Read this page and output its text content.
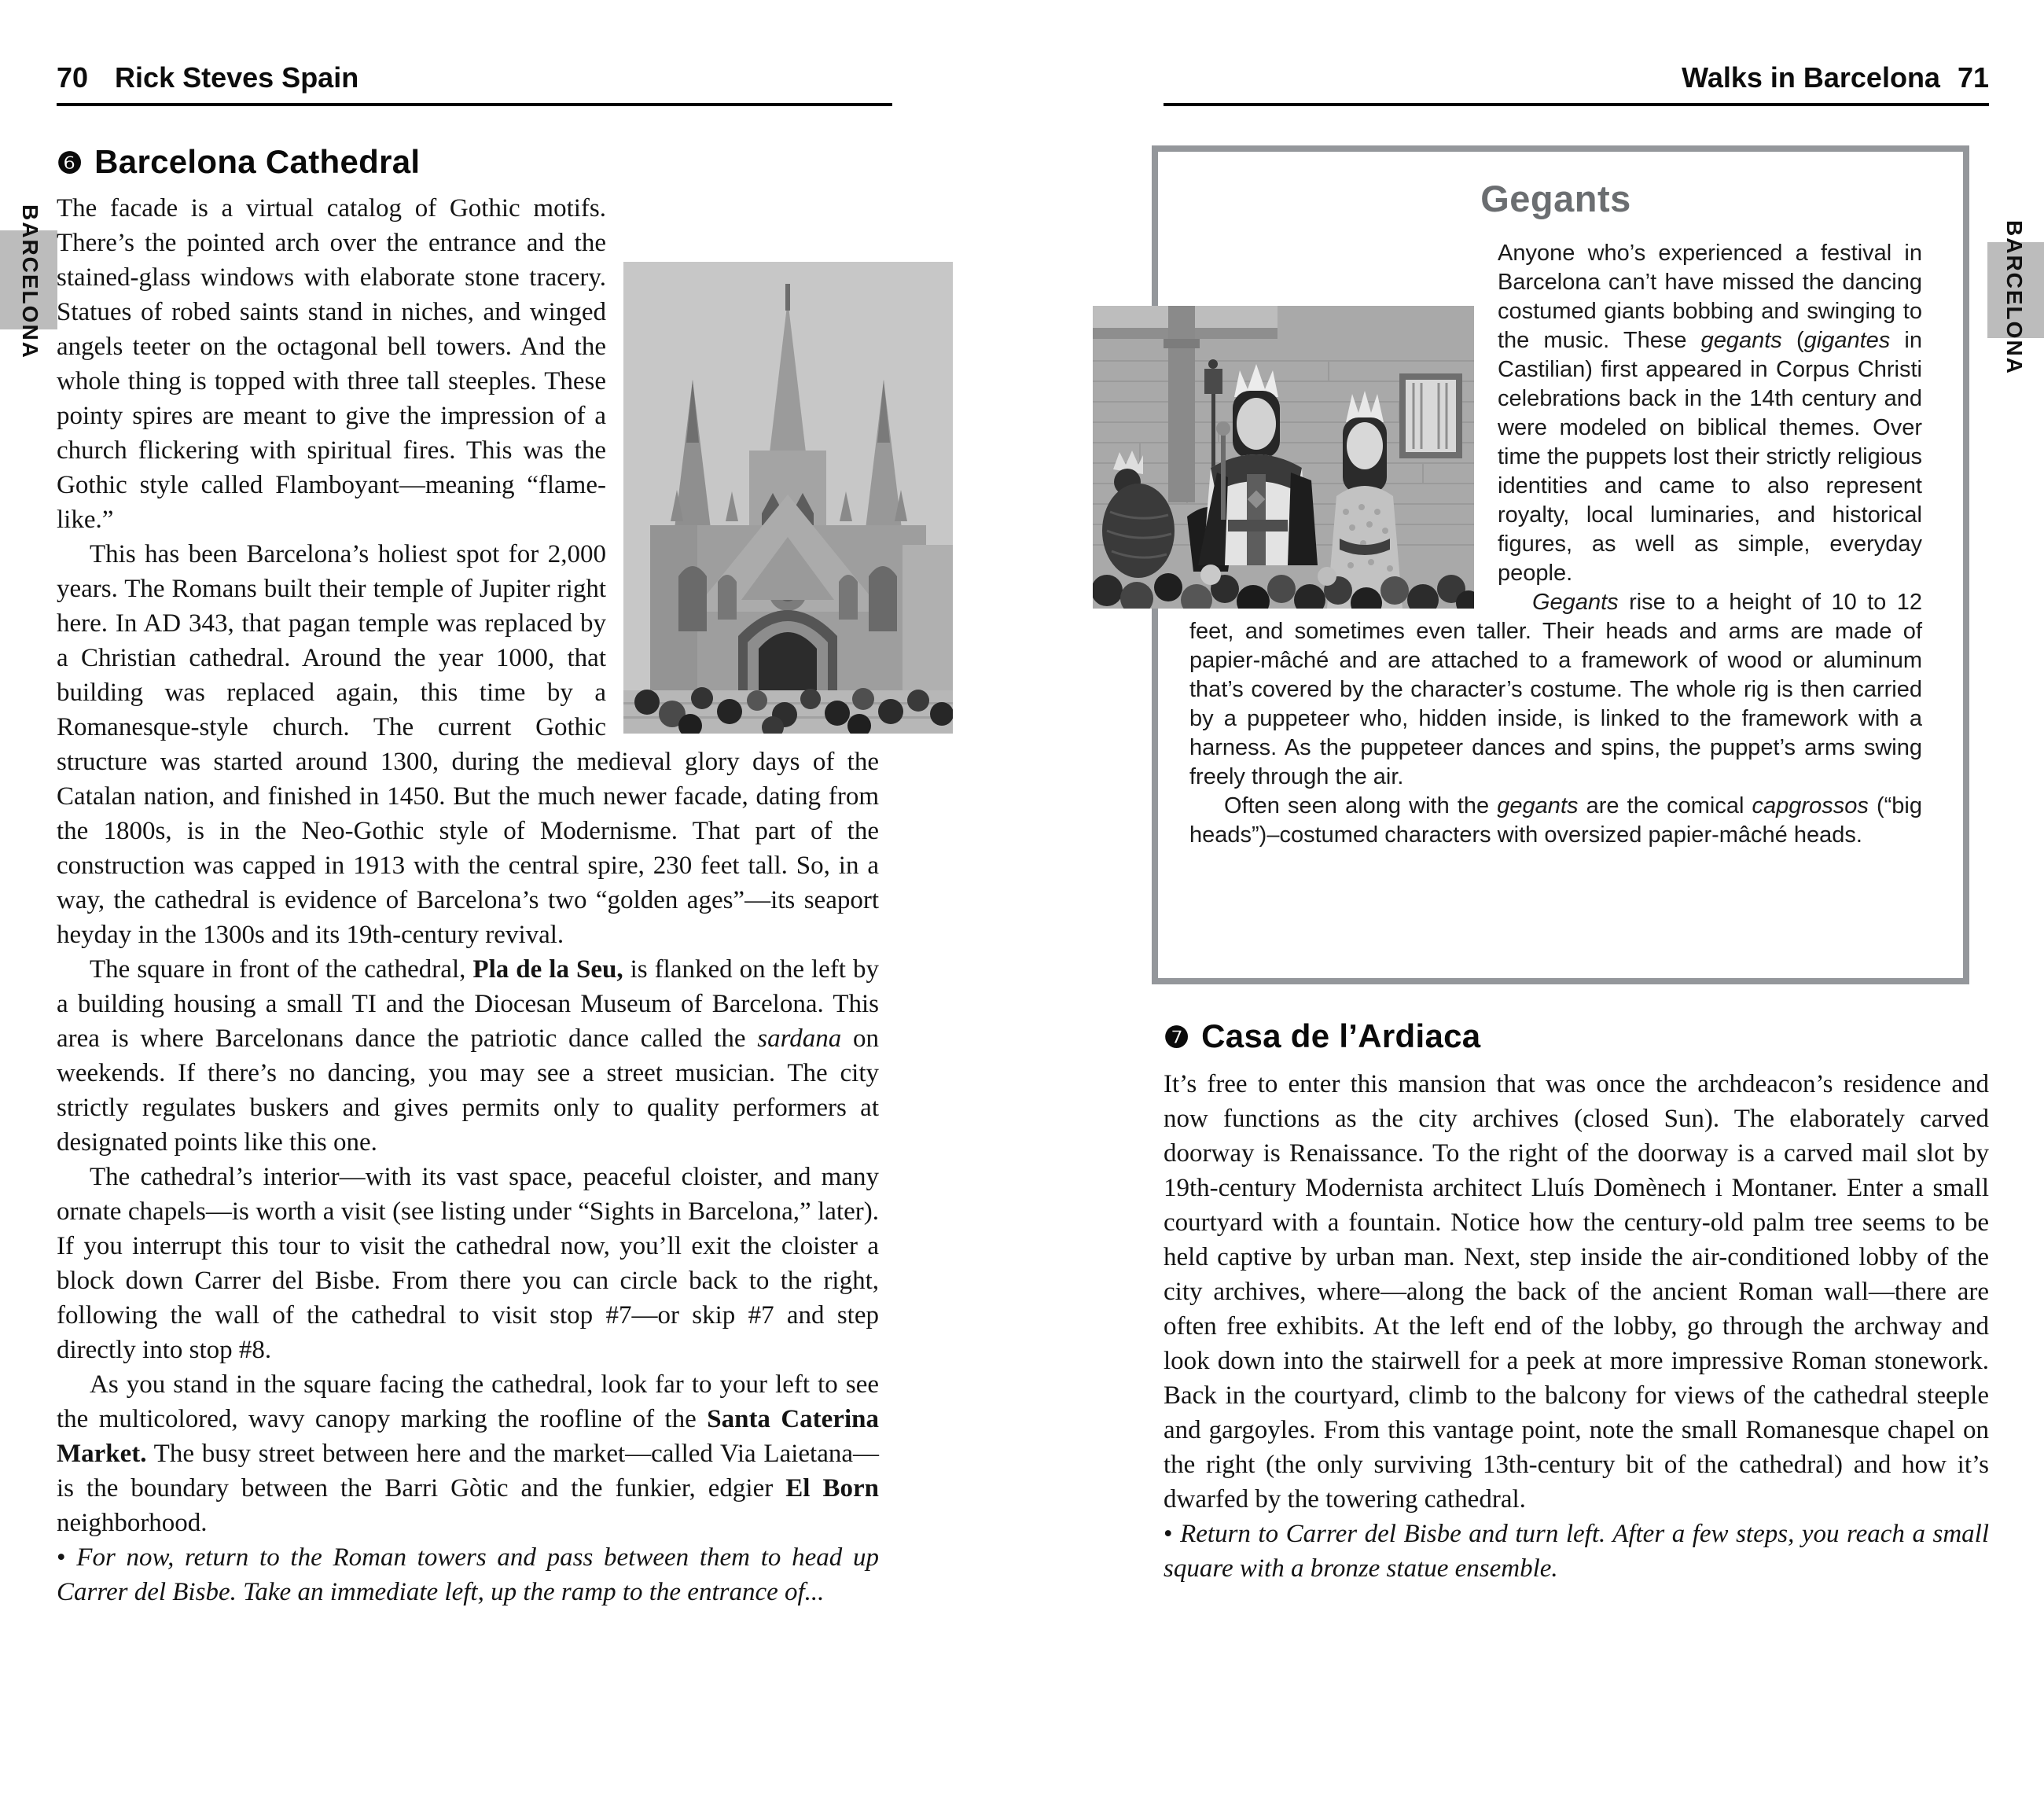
70 Rick Steves Spain
BARCELONA
❻ Barcelona Cathedral

The facade is a virtual catalog of Gothic motifs. There’s the pointed arch over the entrance and the stained-glass windows with elaborate stone tracery. Statues of robed saints stand in niches, and winged angels teeter on the octagonal bell towers. And the whole thing is topped with three tall steeples. These pointy spires are meant to give the impression of a church flickering with spiritual fires. This was the Gothic style called Flamboyant—meaning “flame-like.”

This has been Barcelona’s holiest spot for 2,000 years. The Romans built their temple of Jupiter right here. In AD 343, that pagan temple was replaced by a Christian cathedral. Around the year 1000, that building was replaced again, this time by a Romanesque-style church. The current Gothic structure was started around 1300, during the medieval glory days of the Catalan nation, and finished in 1450. But the much newer facade, dating from the 1800s, is in the Neo-Gothic style of Modernisme. That part of the construction was capped in 1913 with the central spire, 230 feet tall. So, in a way, the cathedral is evidence of Barcelona’s two “golden ages”—its seaport heyday in the 1300s and its 19th-century revival.

The square in front of the cathedral, Pla de la Seu, is flanked on the left by a building housing a small TI and the Diocesan Museum of Barcelona. This area is where Barcelonans dance the patriotic dance called the sardana on weekends. If there’s no dancing, you may see a street musician. The city strictly regulates buskers and gives permits only to quality performers at designated points like this one.

The cathedral’s interior—with its vast space, peaceful cloister, and many ornate chapels—is worth a visit (see listing under “Sights in Barcelona,” later). If you interrupt this tour to visit the cathedral now, you’ll exit the cloister a block down Carrer del Bisbe. From there you can circle back to the right, following the wall of the cathedral to visit stop #7—or skip #7 and step directly into stop #8.

As you stand in the square facing the cathedral, look far to your left to see the multicolored, wavy canopy marking the roofline of the Santa Caterina Market. The busy street between here and the market—called Via Laietana—is the boundary between the Barri Gòtic and the funkier, edgier El Born neighborhood.

• For now, return to the Roman towers and pass between them to head up Carrer del Bisbe. Take an immediate left, up the ramp to the entrance of...

Walks in Barcelona 71
BARCELONA
Gegants

Anyone who’s experienced a festival in Barcelona can’t have missed the dancing costumed giants bobbing and swinging to the music. These gegants (gigantes in Castilian) first appeared in Corpus Christi celebrations back in the 14th century and were modeled on biblical themes. Over time the puppets lost their strictly religious identities and came to also represent royalty, local luminaries, and historical figures, as well as simple, everyday people.

Gegants rise to a height of 10 to 12 feet, and sometimes even taller. Their heads and arms are made of papier-mâché and are attached to a framework of wood or aluminum that’s covered by the character’s costume. The whole rig is then carried by a puppeteer who, hidden inside, is linked to the framework with a harness. As the puppeteer dances and spins, the puppet’s arms swing freely through the air.

Often seen along with the gegants are the comical capgrossos (“big heads”)–costumed characters with oversized papier-mâché heads.

❼ Casa de l’Ardiaca

It’s free to enter this mansion that was once the archdeacon’s residence and now functions as the city archives (closed Sun). The elaborately carved doorway is Renaissance. To the right of the doorway is a carved mail slot by 19th-century Modernista architect Lluís Domènech i Montaner. Enter a small courtyard with a fountain. Notice how the century-old palm tree seems to be held captive by urban man. Next, step inside the air-conditioned lobby of the city archives, where—along the back of the ancient Roman wall—there are often free exhibits. At the left end of the lobby, go through the archway and look down into the stairwell for a peek at more impressive Roman stonework. Back in the courtyard, climb to the balcony for views of the cathedral steeple and gargoyles. From this vantage point, note the small Romanesque chapel on the right (the only surviving 13th-century bit of the cathedral) and how it’s dwarfed by the towering cathedral.

• Return to Carrer del Bisbe and turn left. After a few steps, you reach a small square with a bronze statue ensemble.
